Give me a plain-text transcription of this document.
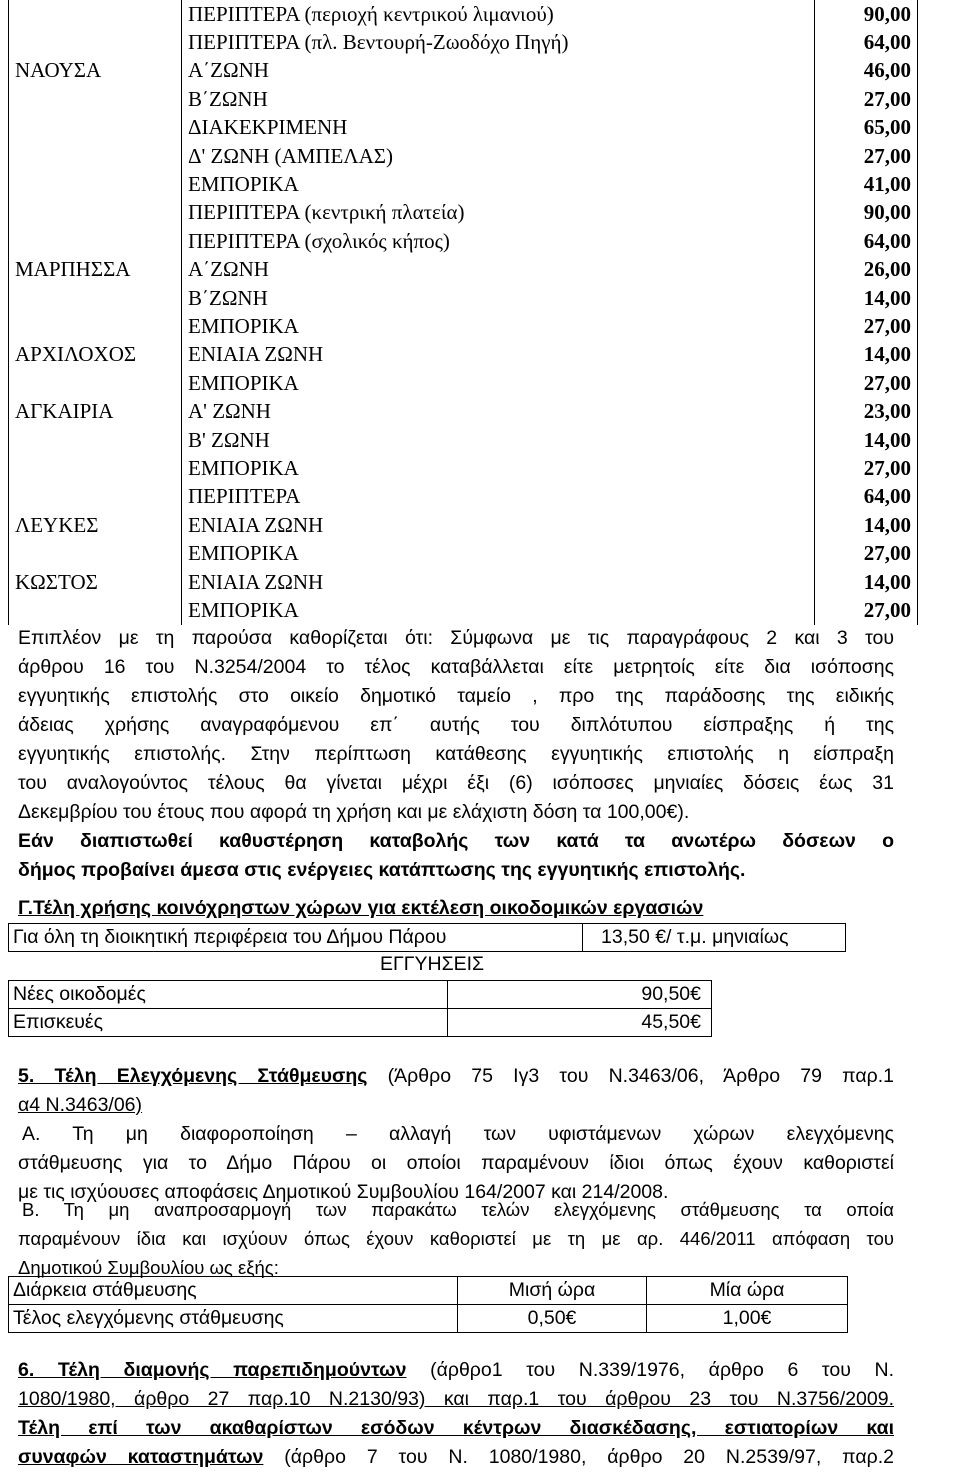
	ΠΕΡΙΠΤΕΡΑ (περιοχή κεντρικού λιμανιού)	90,00
	ΠΕΡΙΠΤΕΡΑ (πλ. Βεντουρή-Ζωοδόχο Πηγή)	64,00
ΝΑΟΥΣΑ	Α΄ΖΩΝΗ	46,00
	Β΄ΖΩΝΗ	27,00
	ΔΙΑΚΕΚΡΙΜΕΝΗ	65,00
	Δ' ΖΩΝΗ (ΑΜΠΕΛΑΣ)	27,00
	ΕΜΠΟΡΙΚΑ	41,00
	ΠΕΡΙΠΤΕΡΑ (κεντρική πλατεία)	90,00
	ΠΕΡΙΠΤΕΡΑ (σχολικός κήπος)	64,00
ΜΑΡΠΗΣΣΑ	Α΄ΖΩΝΗ	26,00
	Β΄ΖΩΝΗ	14,00
	ΕΜΠΟΡΙΚΑ	27,00
ΑΡΧΙΛΟΧΟΣ	ΕΝΙΑΙΑ ΖΩΝΗ	14,00
	ΕΜΠΟΡΙΚΑ	27,00
ΑΓΚΑΙΡΙΑ	Α' ΖΩΝΗ	23,00
	Β' ΖΩΝΗ	14,00
	ΕΜΠΟΡΙΚΑ	27,00
	ΠΕΡΙΠΤΕΡΑ	64,00
ΛΕΥΚΕΣ	ΕΝΙΑΙΑ ΖΩΝΗ	14,00
	ΕΜΠΟΡΙΚΑ	27,00
ΚΩΣΤΟΣ	ΕΝΙΑΙΑ ΖΩΝΗ	14,00
	ΕΜΠΟΡΙΚΑ	27,00
Επιπλέον με τη παρούσα καθορίζεται ότι: Σύμφωνα με τις παραγράφους 2 και 3 του
άρθρου 16 του Ν.3254/2004 το τέλος καταβάλλεται είτε μετρητοίς είτε δια ισόποσης
εγγυητικής επιστολής στο οικείο δημοτικό ταμείο , προ της παράδοσης της ειδικής
άδειας χρήσης αναγραφόμενου επ΄ αυτής του διπλότυπου είσπραξης ή της
εγγυητικής επιστολής. Στην περίπτωση κατάθεσης εγγυητικής επιστολής η είσπραξη
του αναλογούντος τέλους θα γίνεται μέχρι έξι (6) ισόποσες μηνιαίες δόσεις έως 31
Δεκεμβρίου του έτους που αφορά τη χρήση και με ελάχιστη δόση τα 100,00€).
Εάν διαπιστωθεί καθυστέρηση καταβολής των κατά τα ανωτέρω δόσεων ο
δήμος προβαίνει άμεσα στις ενέργειες κατάπτωσης της εγγυητικής επιστολής.
Γ.Τέλη χρήσης κοινόχρηστων χώρων για εκτέλεση οικοδομικών εργασιών
Για όλη τη διοικητική περιφέρεια του Δήμου Πάρου	13,50 €/ τ.μ. μηνιαίως
ΕΓΓΥΗΣΕΙΣ
Νέες οικοδομές	90,50€
Επισκευές	45,50€
5. Τέλη Ελεγχόμενης Στάθμευσης (Άρθρο 75 Ιγ3 του Ν.3463/06, Άρθρο 79 παρ.1
α4 Ν.3463/06)
Α. Τη μη διαφοροποίηση – αλλαγή των υφιστάμενων χώρων ελεγχόμενης
στάθμευσης για το Δήμο Πάρου οι οποίοι παραμένουν ίδιοι όπως έχουν καθοριστεί
με τις ισχύουσες αποφάσεις Δημοτικού Συμβουλίου 164/2007 και 214/2008.
Β. Τη μη αναπροσαρμογή των παρακάτω τελών ελεγχόμενης στάθμευσης τα οποία
παραμένουν ίδια και ισχύουν όπως έχουν καθοριστεί με τη με αρ. 446/2011 απόφαση του
Δημοτικού Συμβουλίου ως εξής:
Διάρκεια στάθμευσης	Μισή ώρα	Μία ώρα
Τέλος ελεγχόμενης στάθμευσης	0,50€	1,00€
6. Τέλη διαμονής παρεπιδημούντων (άρθρο1 του Ν.339/1976, άρθρο 6 του Ν.
1080/1980, άρθρο 27 παρ.10 Ν.2130/93) και παρ.1 του άρθρου 23 του Ν.3756/2009.
Τέλη επί των ακαθαρίστων εσόδων κέντρων διασκέδασης, εστιατορίων και
συναφών καταστημάτων (άρθρο 7 του Ν. 1080/1980, άρθρο 20 Ν.2539/97, παρ.2
